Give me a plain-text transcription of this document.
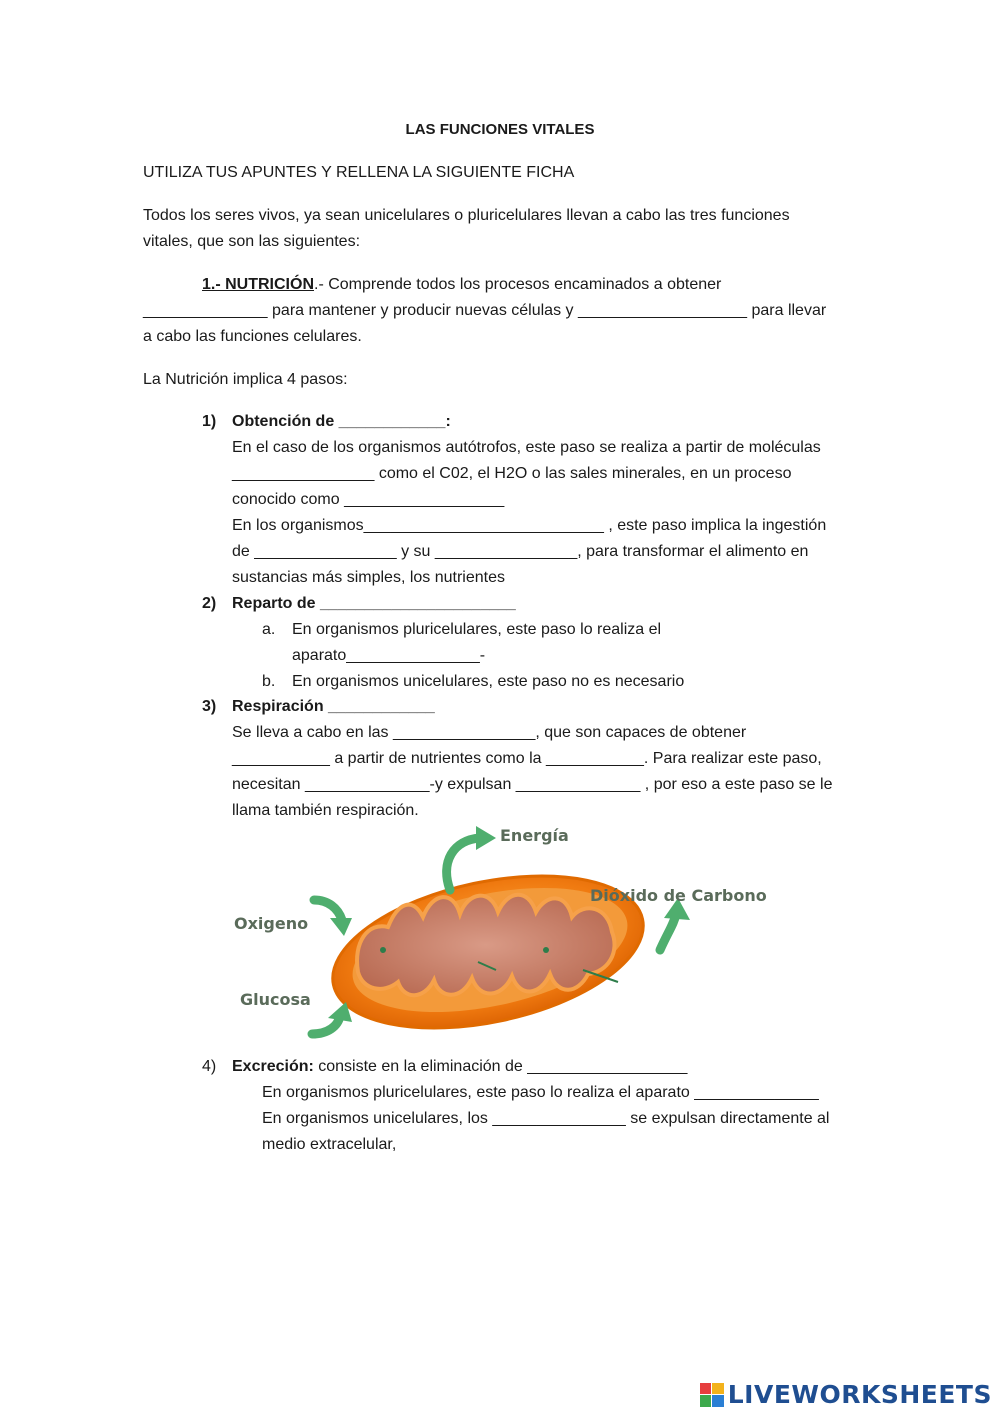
LAS FUNCIONES VITALES
UTILIZA TUS APUNTES Y RELLENA LA SIGUIENTE FICHA
Todos los seres vivos, ya sean unicelulares o pluricelulares llevan a cabo las tres funciones
vitales, que son las siguientes:
1.- NUTRICIÓN.- Comprende todos los procesos encaminados a obtener
______________ para mantener y producir nuevas células y ___________________ para llevar
a cabo las funciones celulares.
La Nutrición implica 4 pasos:
1) Obtención de ____________:
En el caso de los organismos autótrofos, este paso se realiza a partir de moléculas
________________ como el C02, el H2O o las sales minerales, en un proceso
conocido como __________________
En los organismos___________________________ , este paso implica la ingestión
de ________________ y su ________________, para transformar el alimento en
sustancias más simples, los nutrientes
2) Reparto de ______________________
a. En organismos pluricelulares, este paso lo realiza el
aparato_______________-
b. En organismos unicelulares, este paso no es necesario
3) Respiración ____________
Se lleva a cabo en las ________________, que son capaces de obtener
___________ a partir de nutrientes como la ___________. Para realizar este paso,
necesitan ______________-y expulsan ______________ , por eso a este paso se le
llama también respiración.
Energía
Dióxido de Carbono
Oxigeno
Glucosa
4) Excreción: consiste en la eliminación de __________________
En organismos pluricelulares, este paso lo realiza el aparato ______________
En organismos unicelulares, los _______________ se expulsan directamente al
medio extracelular,
LIVEWORKSHEETS
